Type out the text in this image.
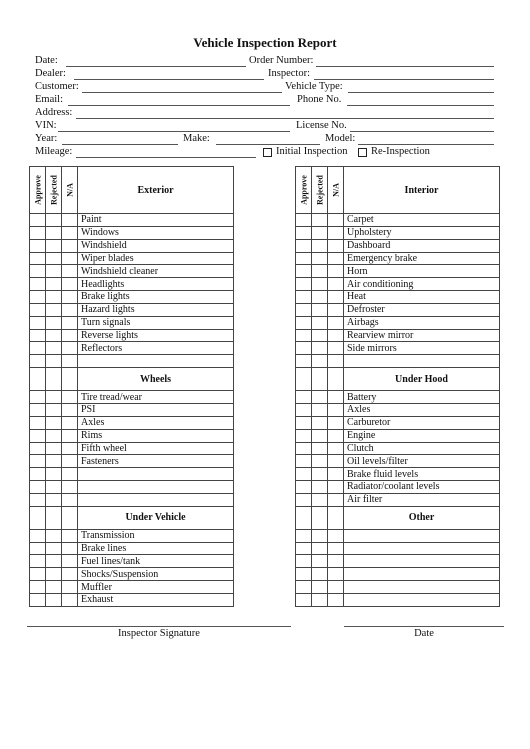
Vehicle Inspection Report
Date:	Order Number:
Dealer:	Inspector:
Customer:	Vehicle Type:
Email:	Phone No.
Address:
VIN:	License No.
Year:	Make:	Model:
Mileage:	Initial Inspection Re-Inspection
Approve	Rejected	N/A	Exterior
			Paint
			Windows
			Windshield
			Wiper blades
			Windshield cleaner
			Headlights
			Brake lights
			Hazard lights
			Turn signals
			Reverse lights
			Reflectors

			Wheels
			Tire tread/wear
			PSI
			Axles
			Rims
			Fifth wheel
			Fasteners

			Under Vehicle
			Transmission
			Brake lines
			Fuel lines/tank
			Shocks/Suspension
			Muffler
			Exhaust
Approve	Rejected	N/A	Interior
			Carpet
			Upholstery
			Dashboard
			Emergency brake
			Horn
			Air conditioning
			Heat
			Defroster
			Airbags
			Rearview mirror
			Side mirrors

			Under Hood
			Battery
			Axles
			Carburetor
			Engine
			Clutch
			Oil levels/filter
			Brake fluid levels
			Radiator/coolant levels
			Air filter
			Other

Inspector Signature	Date
